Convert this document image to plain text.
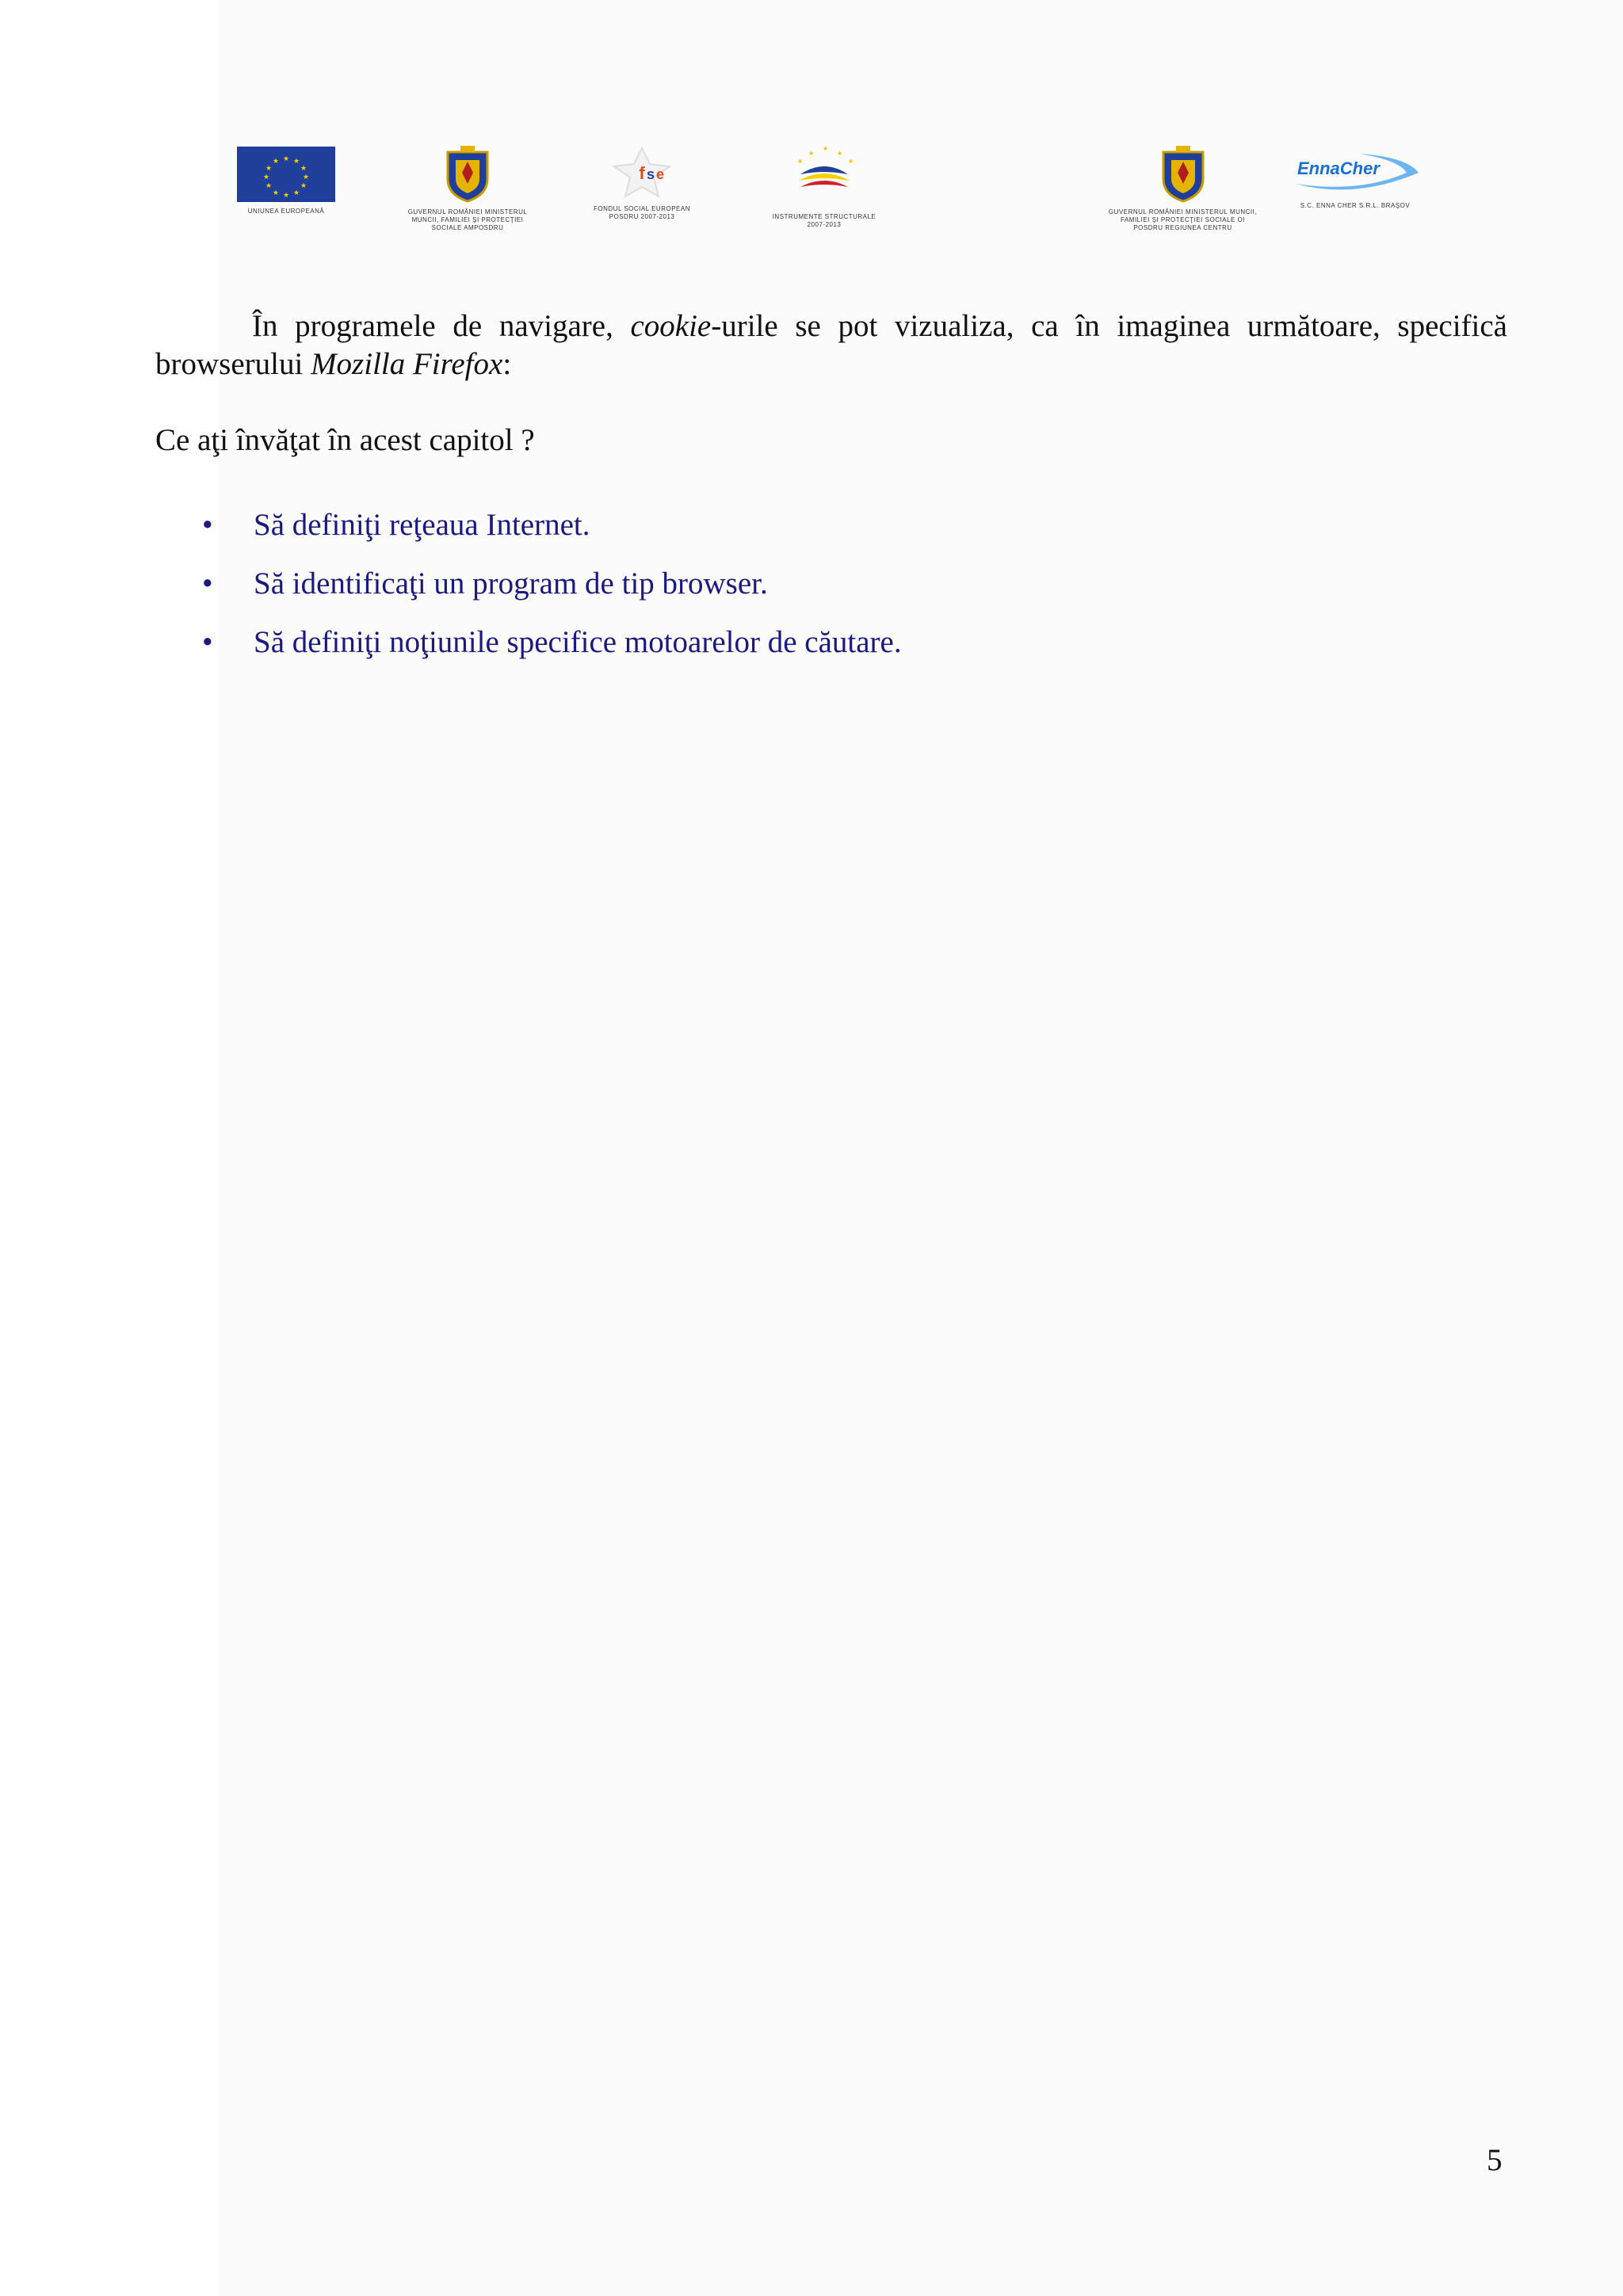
★ ★
★
★
★
★
★
★
★
★
★
★
UNIUNEA EUROPEANĂ	GUVERNUL ROMÂNIEI MINISTERUL MUNCII, FAMILIEI ŞI PROTECŢIEI SOCIALE AMPOSDRU
f s e
FONDUL SOCIAL EUROPEAN POSDRU 2007-2013
★
★
★
★
★
INSTRUMENTE STRUCTURALE 2007-2013
GUVERNUL ROMÂNIEI MINISTERUL MUNCII, FAMILIEI ŞI PROTECŢIEI SOCIALE OI POSDRU REGIUNEA CENTRU
EnnaCher
S.C. ENNA CHER S.R.L. BRAŞOV
În programele de navigare, cookie-urile se pot vizualiza, ca în imaginea următoare, specifică browserului Mozilla Firefox:
Ce aţi învăţat în acest capitol ?
• Să definiţi reţeaua Internet.
• Să identificaţi un program de tip browser.
• Să definiţi noţiunile specifice motoarelor de căutare.
5
